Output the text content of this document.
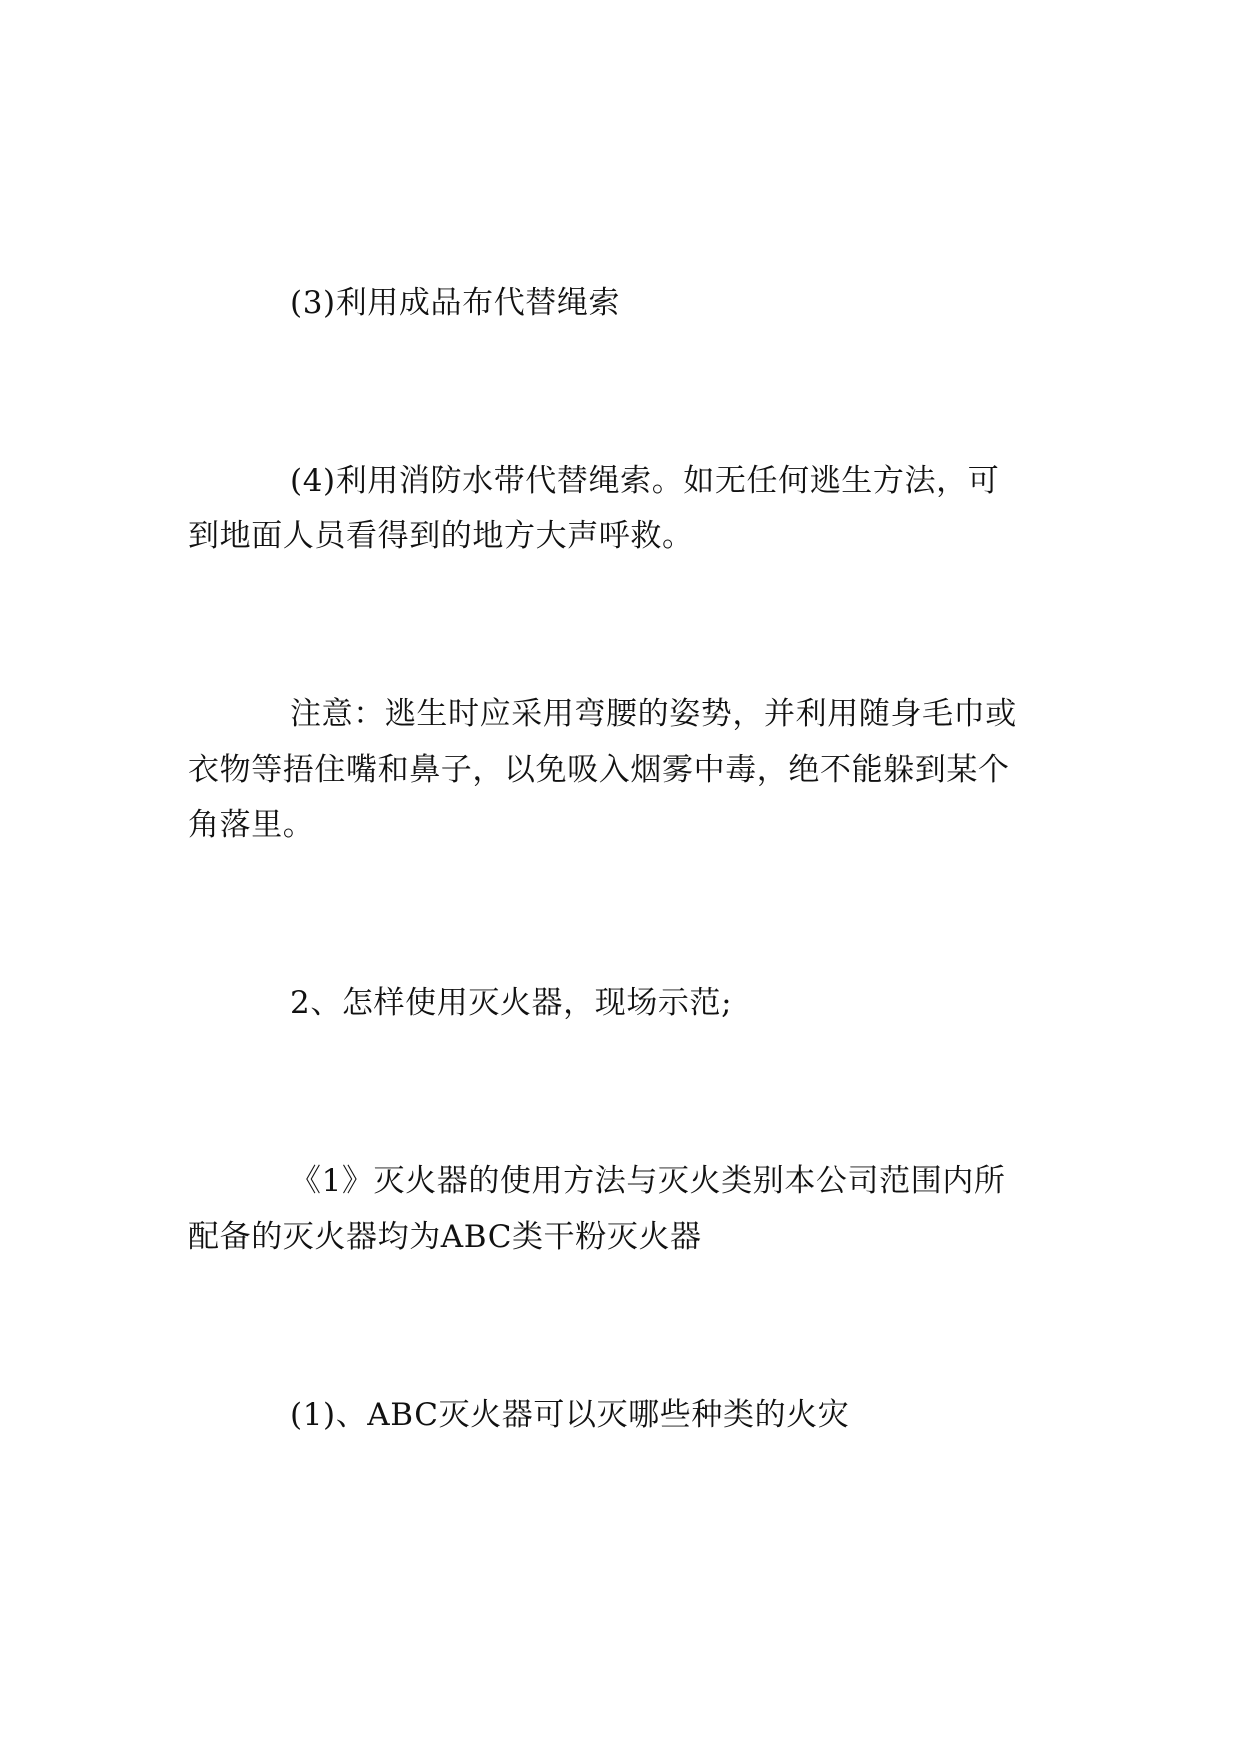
(3)利用成品布代替绳索

(4)利用消防水带代替绳索。如无任何逃生方法，可

到地面人员看得到的地方大声呼救。

注意：逃生时应采用弯腰的姿势，并利用随身毛巾或

衣物等捂住嘴和鼻子，以免吸入烟雾中毒，绝不能躲到某个

角落里。

2、怎样使用灭火器，现场示范;

《1》灭火器的使用方法与灭火类别本公司范围内所

配备的灭火器均为ABC类干粉灭火器

(1)、ABC灭火器可以灭哪些种类的火灾
